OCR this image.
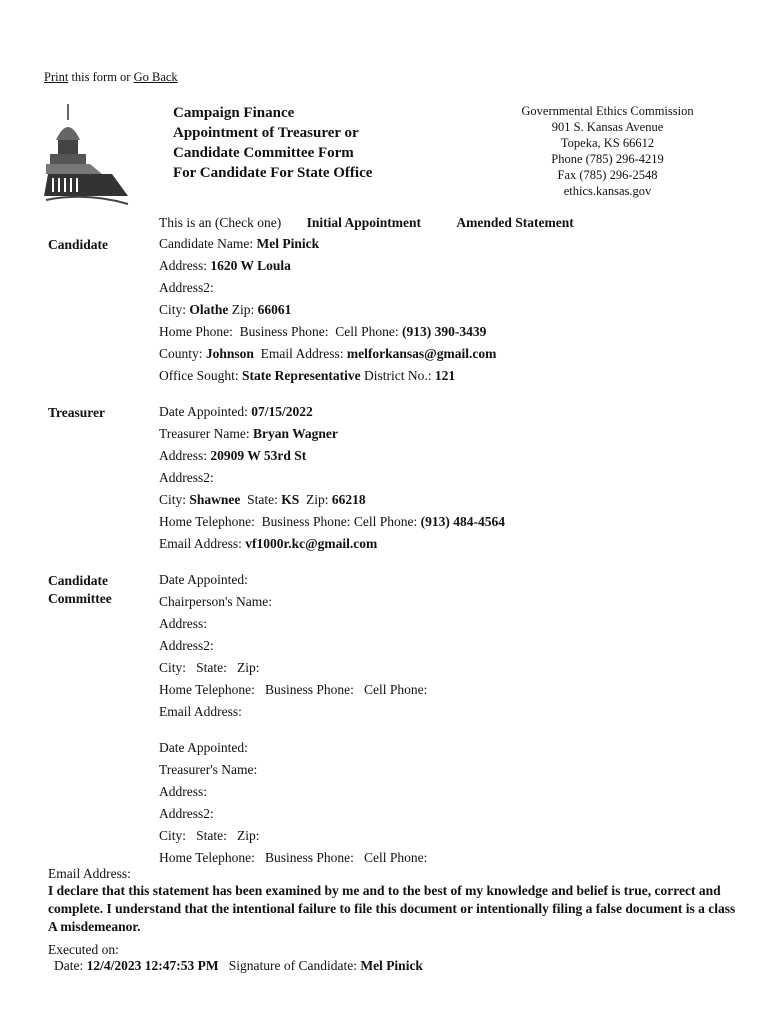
Print this form or Go Back
Campaign Finance
Appointment of Treasurer or
Candidate Committee Form
For Candidate For State Office
Governmental Ethics Commission
901 S. Kansas Avenue
Topeka, KS 66612
Phone (785) 296-4219
Fax (785) 296-2548
ethics.kansas.gov
This is an (Check one) Initial Appointment	Amended Statement
Candidate	Candidate Name: Mel Pinick
Address: 1620 W Loula
Address2:
City: Olathe Zip: 66061
Home Phone: Business Phone: Cell Phone: (913) 390-3439
County: Johnson Email Address: melforkansas@gmail.com
Office Sought: State Representative District No.: 121
Treasurer	Date Appointed: 07/15/2022
Treasurer Name: Bryan Wagner
Address: 20909 W 53rd St
Address2:
City: Shawnee State: KS Zip: 66218
Home Telephone: Business Phone: Cell Phone: (913) 484-4564
Email Address: vf1000r.kc@gmail.com
Candidate
Committee
Date Appointed:
Chairperson's Name:
Address:
Address2:
City:   State:   Zip:
Home Telephone:   Business Phone:   Cell Phone:
Email Address:
Date Appointed:
Treasurer's Name:
Address:
Address2:
City:   State:   Zip:
Home Telephone:   Business Phone:   Cell Phone:
Email Address:
I declare that this statement has been examined by me and to the best of my knowledge and belief is true, correct and complete. I understand that the intentional failure to file this document or intentionally filing a false document is a class A misdemeanor.
Executed on:
Date: 12/4/2023 12:47:53 PM Signature of Candidate: Mel Pinick
